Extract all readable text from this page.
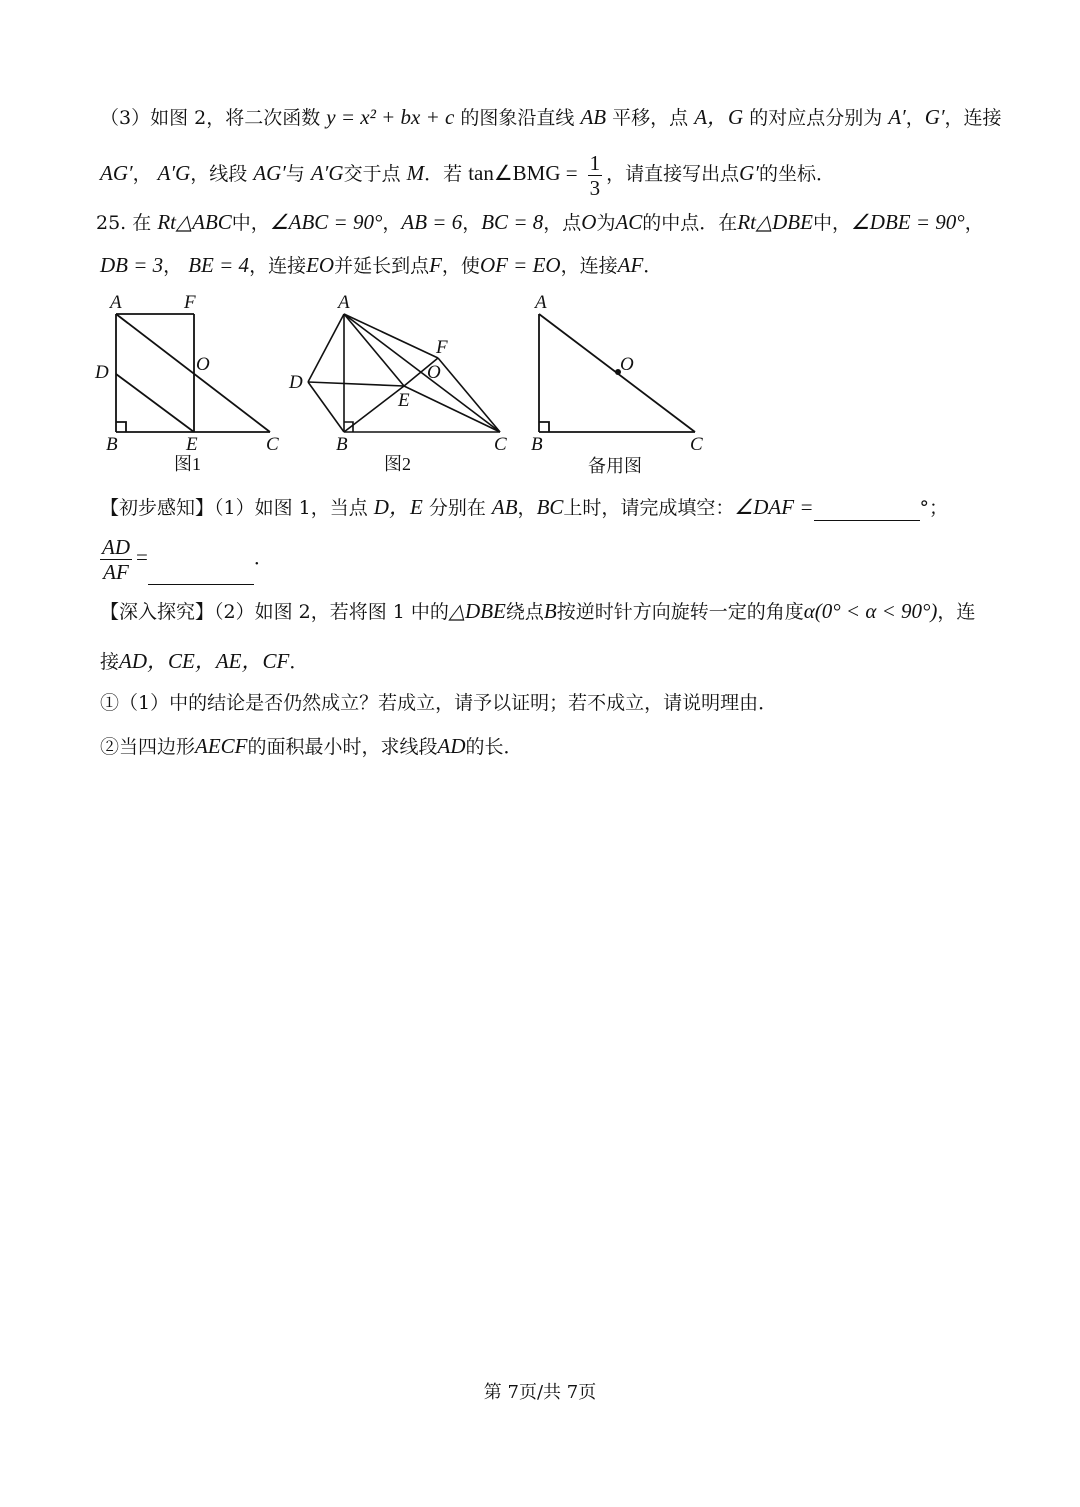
（3）如图 2，将二次函数 y = x² + bx + c 的图象沿直线 AB 平移，点 A，G 的对应点分别为 A′，G′，连接
AG′， A′G，线段 AG′与 A′G交于点 M．若 tan∠BMG = $\frac{1}{3}$ ，请直接写出点G′的坐标．
25. 在 Rt△ABC中，∠ABC = 90°，AB = 6，BC = 8，点O为AC的中点．在Rt△DBE中，∠DBE = 90°，
DB = 3， BE = 4，连接EO并延长到点F，使OF = EO，连接AF．
A	F
D	O
B	E	C
图1
A
F
D	O
E
B	C
图2
A
O
B	C
备用图
【初步感知】（1）如图 1，当点 D，E 分别在 AB，BC上时，请完成填空：∠DAF =	°；
$\frac{AD}{AF}$ =	．
【深入探究】（2）如图 2，若将图 1 中的△DBE绕点B按逆时针方向旋转一定的角度α(0° < α < 90°)，连
接AD，CE，AE，CF．
①（1）中的结论是否仍然成立？若成立，请予以证明；若不成立，请说明理由．
②当四边形AECF的面积最小时，求线段AD的长．
第 7页/共 7页
